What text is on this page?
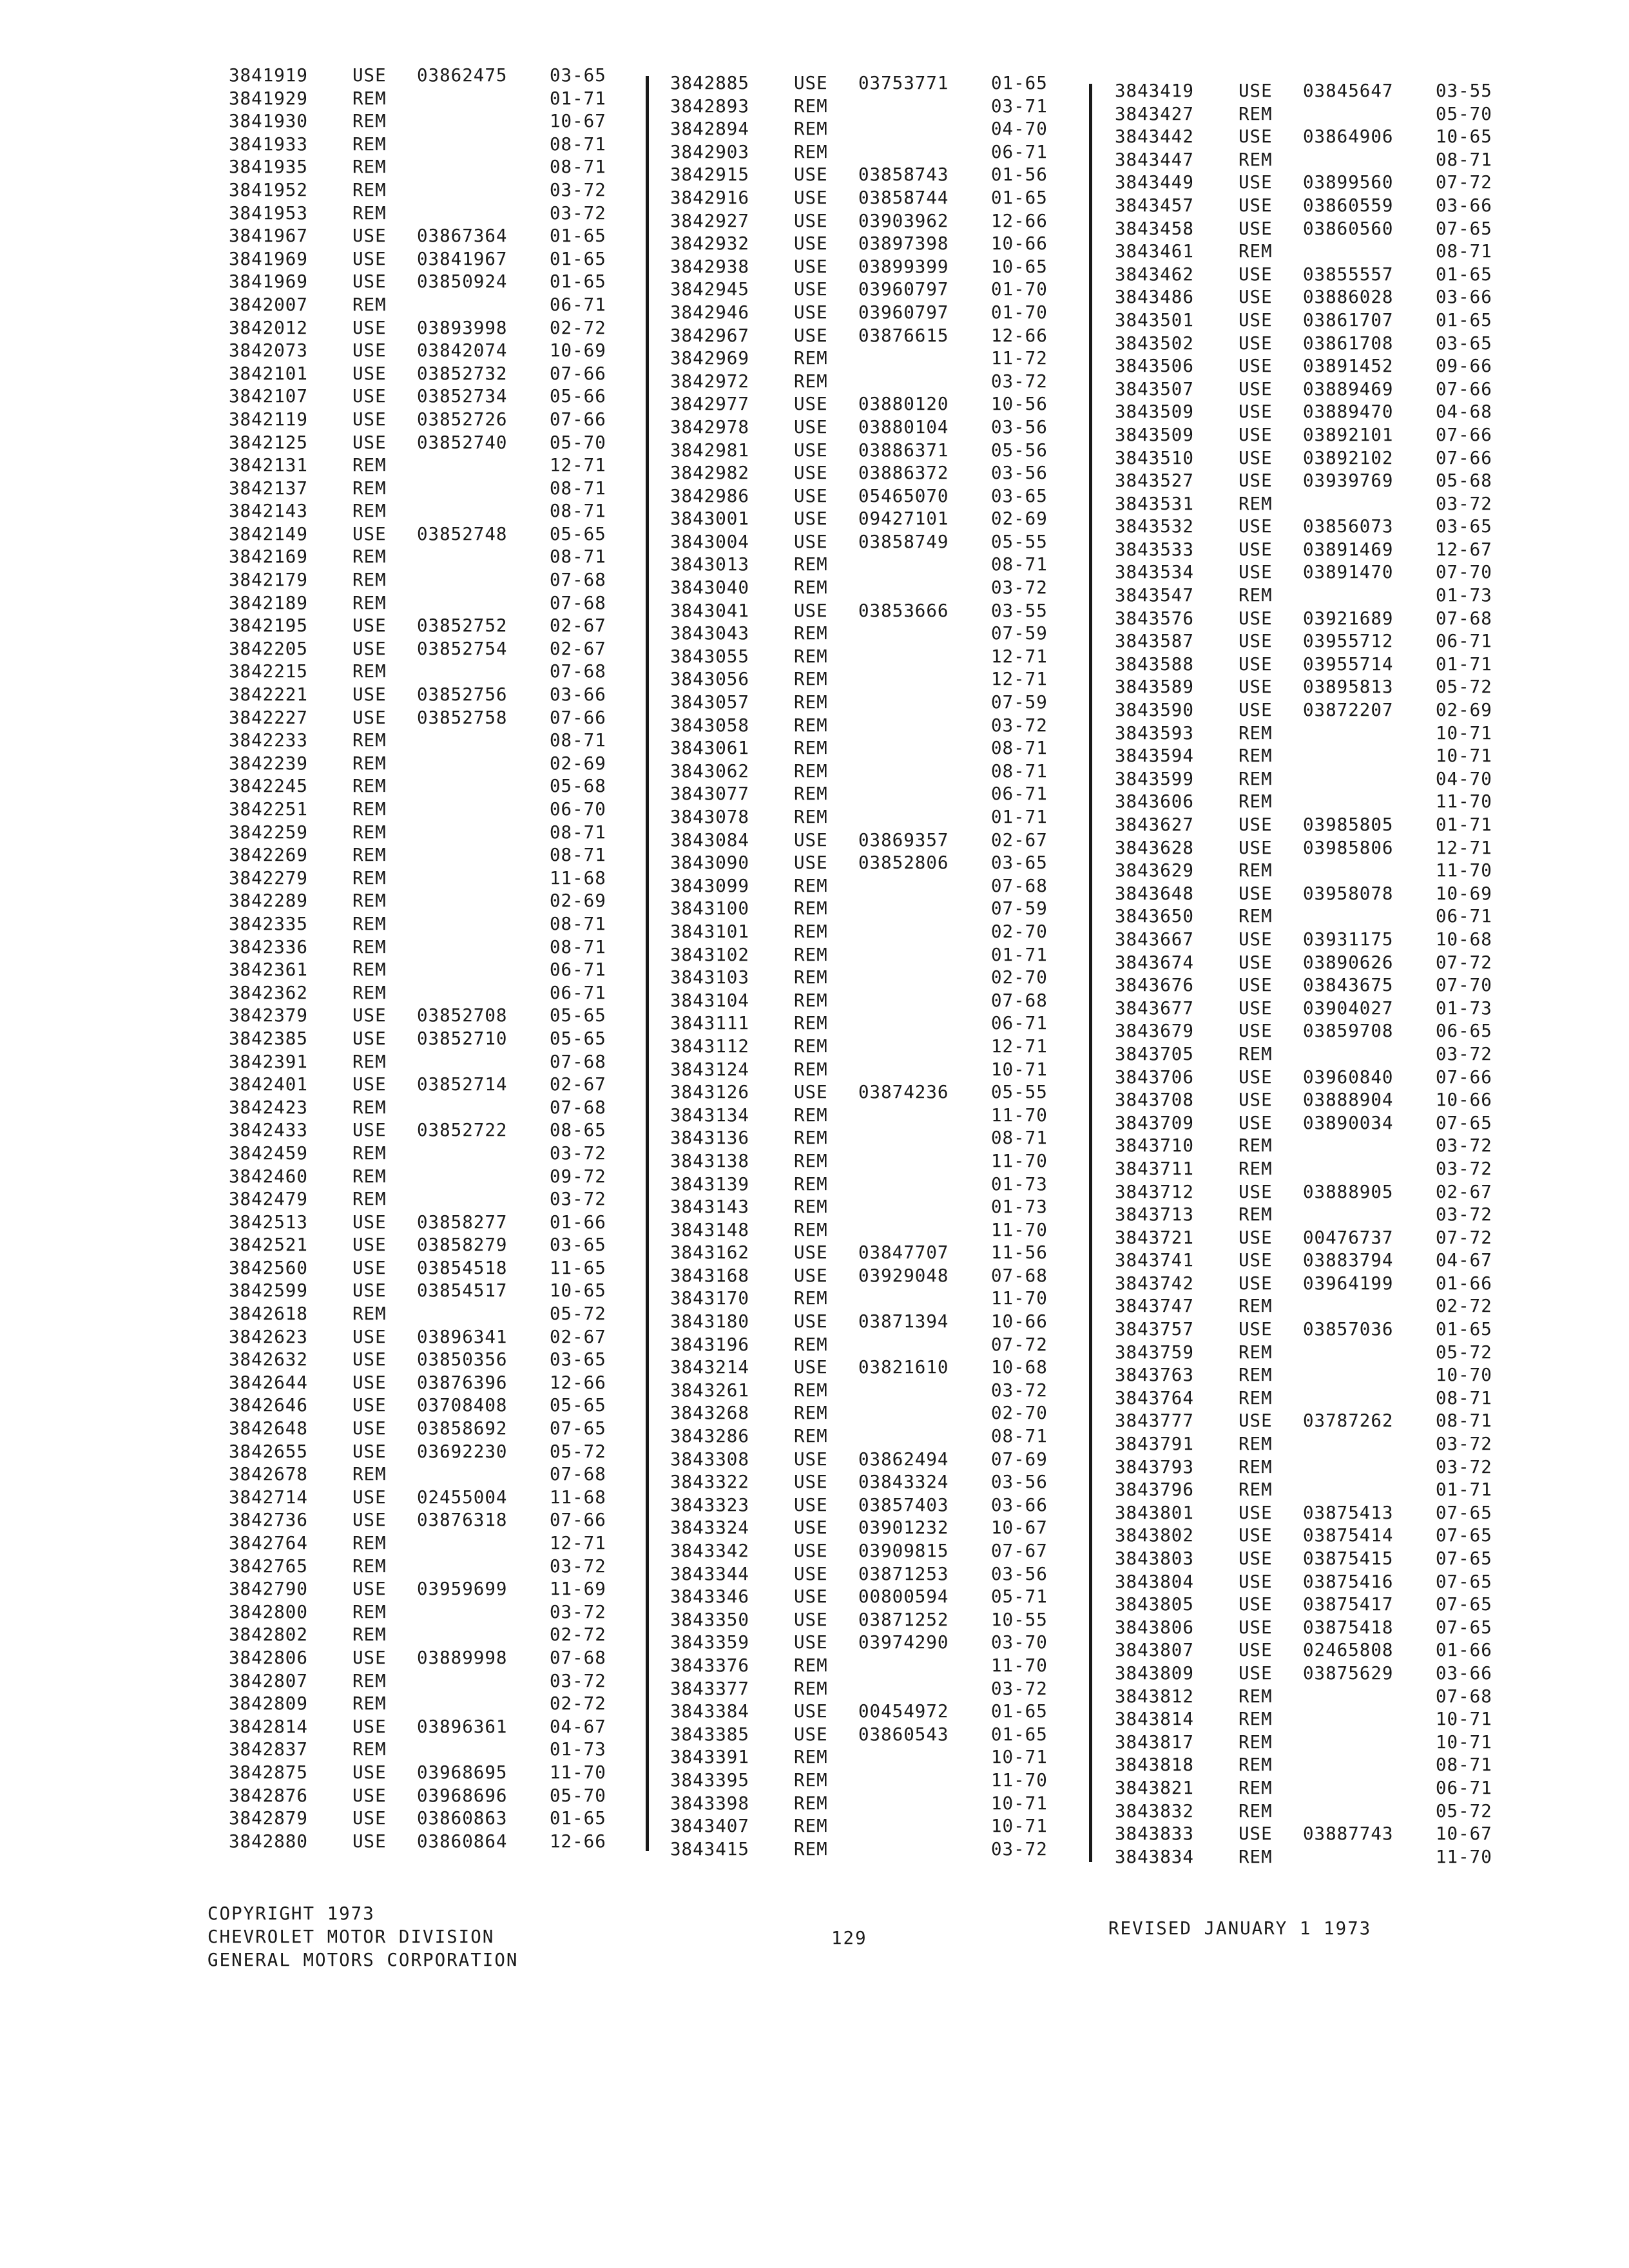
3841919	USE 03862475 03-65
3841929	REM	01-71
3841930	REM	10-67
3841933	REM	08-71
3841935	REM	08-71
3841952	REM	03-72
3841953	REM	03-72
3841967	USE 03867364 01-65
3841969	USE 03841967 01-65
3841969	USE 03850924 01-65
3842007	REM	06-71
3842012	USE 03893998 02-72
3842073	USE 03842074 10-69
3842101	USE 03852732 07-66
3842107	USE 03852734 05-66
3842119	USE 03852726 07-66
3842125	USE 03852740 05-70
3842131	REM	12-71
3842137	REM	08-71
3842143	REM	08-71
3842149	USE 03852748 05-65
3842169	REM	08-71
3842179	REM	07-68
3842189	REM	07-68
3842195	USE 03852752 02-67
3842205	USE 03852754 02-67
3842215	REM	07-68
3842221	USE 03852756 03-66
3842227	USE 03852758 07-66
3842233	REM	08-71
3842239	REM	02-69
3842245	REM	05-68
3842251	REM	06-70
3842259	REM	08-71
3842269	REM	08-71
3842279	REM	11-68
3842289	REM	02-69
3842335	REM	08-71
3842336	REM	08-71
3842361	REM	06-71
3842362	REM	06-71
3842379	USE 03852708 05-65
3842385	USE 03852710 05-65
3842391	REM	07-68
3842401	USE 03852714 02-67
3842423	REM	07-68
3842433	USE 03852722 08-65
3842459	REM	03-72
3842460	REM	09-72
3842479	REM	03-72
3842513	USE 03858277 01-66
3842521	USE 03858279 03-65
3842560	USE 03854518 11-65
3842599	USE 03854517 10-65
3842618	REM	05-72
3842623	USE 03896341 02-67
3842632	USE 03850356 03-65
3842644	USE 03876396 12-66
3842646	USE 03708408 05-65
3842648	USE 03858692 07-65
3842655	USE 03692230 05-72
3842678	REM	07-68
3842714	USE 02455004 11-68
3842736	USE 03876318 07-66
3842764	REM	12-71
3842765	REM	03-72
3842790	USE 03959699 11-69
3842800	REM	03-72
3842802	REM	02-72
3842806	USE 03889998 07-68
3842807	REM	03-72
3842809	REM	02-72
3842814	USE 03896361 04-67
3842837	REM	01-73
3842875	USE 03968695 11-70
3842876	USE 03968696 05-70
3842879	USE 03860863 01-65
3842880	USE 03860864 12-66
3842885	USE 03753771 01-65
3842893	REM	03-71
3842894	REM	04-70
3842903	REM	06-71
3842915	USE 03858743 01-56
3842916	USE 03858744 01-65
3842927	USE 03903962 12-66
3842932	USE 03897398 10-66
3842938	USE 03899399 10-65
3842945	USE 03960797 01-70
3842946	USE 03960797 01-70
3842967	USE 03876615 12-66
3842969	REM	11-72
3842972	REM	03-72
3842977	USE 03880120 10-56
3842978	USE 03880104 03-56
3842981	USE 03886371 05-56
3842982	USE 03886372 03-56
3842986	USE 05465070 03-65
3843001	USE 09427101 02-69
3843004	USE 03858749 05-55
3843013	REM	08-71
3843040	REM	03-72
3843041	USE 03853666 03-55
3843043	REM	07-59
3843055	REM	12-71
3843056	REM	12-71
3843057	REM	07-59
3843058	REM	03-72
3843061	REM	08-71
3843062	REM	08-71
3843077	REM	06-71
3843078	REM	01-71
3843084	USE 03869357 02-67
3843090	USE 03852806 03-65
3843099	REM	07-68
3843100	REM	07-59
3843101	REM	02-70
3843102	REM	01-71
3843103	REM	02-70
3843104	REM	07-68
3843111	REM	06-71
3843112	REM	12-71
3843124	REM	10-71
3843126	USE 03874236 05-55
3843134	REM	11-70
3843136	REM	08-71
3843138	REM	11-70
3843139	REM	01-73
3843143	REM	01-73
3843148	REM	11-70
3843162	USE 03847707 11-56
3843168	USE 03929048 07-68
3843170	REM	11-70
3843180	USE 03871394 10-66
3843196	REM	07-72
3843214	USE 03821610 10-68
3843261	REM	03-72
3843268	REM	02-70
3843286	REM	08-71
3843308	USE 03862494 07-69
3843322	USE 03843324 03-56
3843323	USE 03857403 03-66
3843324	USE 03901232 10-67
3843342	USE 03909815 07-67
3843344	USE 03871253 03-56
3843346	USE 00800594 05-71
3843350	USE 03871252 10-55
3843359	USE 03974290 03-70
3843376	REM	11-70
3843377	REM	03-72
3843384	USE 00454972 01-65
3843385	USE 03860543 01-65
3843391	REM	10-71
3843395	REM	11-70
3843398	REM	10-71
3843407	REM	10-71
3843415	REM	03-72
3843419	USE 03845647 03-55
3843427	REM	05-70
3843442	USE 03864906 10-65
3843447	REM	08-71
3843449	USE 03899560 07-72
3843457	USE 03860559 03-66
3843458	USE 03860560 07-65
3843461	REM	08-71
3843462	USE 03855557 01-65
3843486	USE 03886028 03-66
3843501	USE 03861707 01-65
3843502	USE 03861708 03-65
3843506	USE 03891452 09-66
3843507	USE 03889469 07-66
3843509	USE 03889470 04-68
3843509	USE 03892101 07-66
3843510	USE 03892102 07-66
3843527	USE 03939769 05-68
3843531	REM	03-72
3843532	USE 03856073 03-65
3843533	USE 03891469 12-67
3843534	USE 03891470 07-70
3843547	REM	01-73
3843576	USE 03921689 07-68
3843587	USE 03955712 06-71
3843588	USE 03955714 01-71
3843589	USE 03895813 05-72
3843590	USE 03872207 02-69
3843593	REM	10-71
3843594	REM	10-71
3843599	REM	04-70
3843606	REM	11-70
3843627	USE 03985805 01-71
3843628	USE 03985806 12-71
3843629	REM	11-70
3843648	USE 03958078 10-69
3843650	REM	06-71
3843667	USE 03931175 10-68
3843674	USE 03890626 07-72
3843676	USE 03843675 07-70
3843677	USE 03904027 01-73
3843679	USE 03859708 06-65
3843705	REM	03-72
3843706	USE 03960840 07-66
3843708	USE 03888904 10-66
3843709	USE 03890034 07-65
3843710	REM	03-72
3843711	REM	03-72
3843712	USE 03888905 02-67
3843713	REM	03-72
3843721	USE 00476737 07-72
3843741	USE 03883794 04-67
3843742	USE 03964199 01-66
3843747	REM	02-72
3843757	USE 03857036 01-65
3843759	REM	05-72
3843763	REM	10-70
3843764	REM	08-71
3843777	USE 03787262 08-71
3843791	REM	03-72
3843793	REM	03-72
3843796	REM	01-71
3843801	USE 03875413 07-65
3843802	USE 03875414 07-65
3843803	USE 03875415 07-65
3843804	USE 03875416 07-65
3843805	USE 03875417 07-65
3843806	USE 03875418 07-65
3843807	USE 02465808 01-66
3843809	USE 03875629 03-66
3843812	REM	07-68
3843814	REM	10-71
3843817	REM	10-71
3843818	REM	08-71
3843821	REM	06-71
3843832	REM	05-72
3843833	USE 03887743 10-67
3843834	REM	11-70
COPYRIGHT 1973
CHEVROLET MOTOR DIVISION
GENERAL MOTORS CORPORATION
129	REVISED JANUARY 1 1973
